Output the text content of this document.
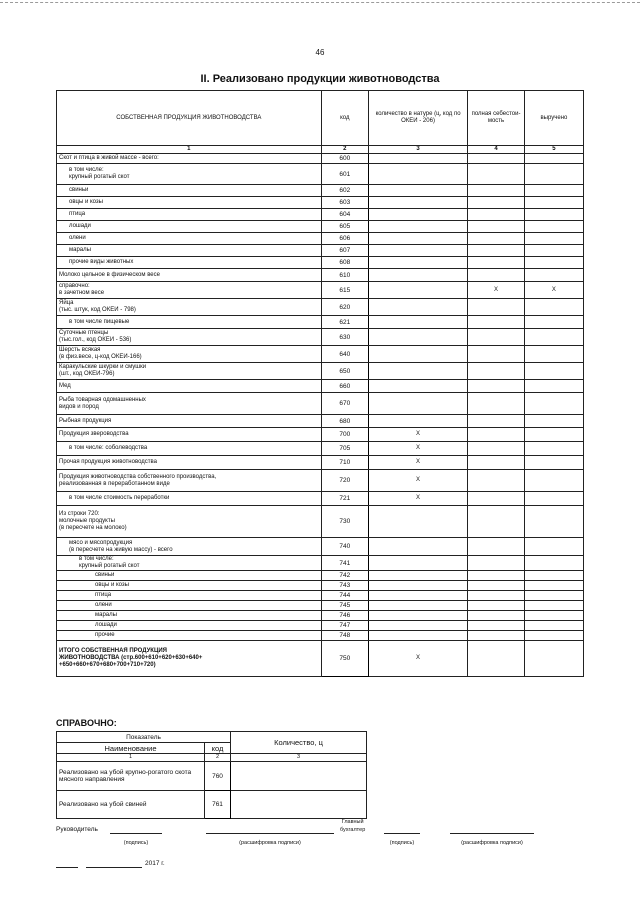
46
II. Реализовано продукции животноводства
СОБСТВЕННАЯ ПРОДУКЦИЯ ЖИВОТНОВОДСТВА	код	количество в натуре (ц, код по ОКЕИ - 206)	полная себестои-мость	выручено
1	2	3	4	5
Скот и птица в живой массе - всего:	600			
в том числе:
крупный рогатый скот	601			
свиньи	602			
овцы и козы	603			
птица	604			
лошади	605			
олени	606			
маралы	607			
прочие виды животных	608			
Молоко цельное в физическом весе	610			
справочно:
в зачетном весе	615		X	X
Яйца
(тыс. штук, код ОКЕИ - 798)	620			
в том числе пищевые	621			
Суточные птенцы
(тыс.гол., код ОКЕИ - 536)	630			
Шерсть всякая
(в физ.весе, ц-код ОКЕИ-166)	640			
Каракульские шкурки и смушки
(шт., код ОКЕИ-796)	650			
Мед	660			
Рыба товарная одомашненных
видов и пород	670			
Рыбная продукция	680			
Продукция звероводства	700	X		
в том числе: соболеводства	705	X		
Прочая продукция животноводства	710	X		
Продукция животноводства собственного производства,
реализованная в переработанном виде	720	X		
в том числе стоимость переработки	721	X		
Из строки 720:
молочные продукты
(в пересчете на молоко)	730			
мясо и мясопродукция
(в пересчете на живую массу) - всего	740			
в том числе:
крупный рогатый скот	741			
свиньи	742			
овцы и козы	743			
птица	744			
олени	745			
маралы	746			
лошади	747			
прочие	748			
ИТОГО СОБСТВЕННАЯ ПРОДУКЦИЯ
ЖИВОТНОВОДСТВА (стр.600+610+620+630+640+
+650+660+670+680+700+710+720)	750	X		
СПРАВОЧНО:
Показатель		Количество, ц
Наименование	код	
1	2	3
Реализовано на убой крупно-рогатого скота мясного направления	760	
Реализовано на убой свиней	761	
Руководитель
Главный
бухгалтер
(подпись)	(расшифровка подписи)	(подпись)	(расшифровка подписи)
2017 г.
